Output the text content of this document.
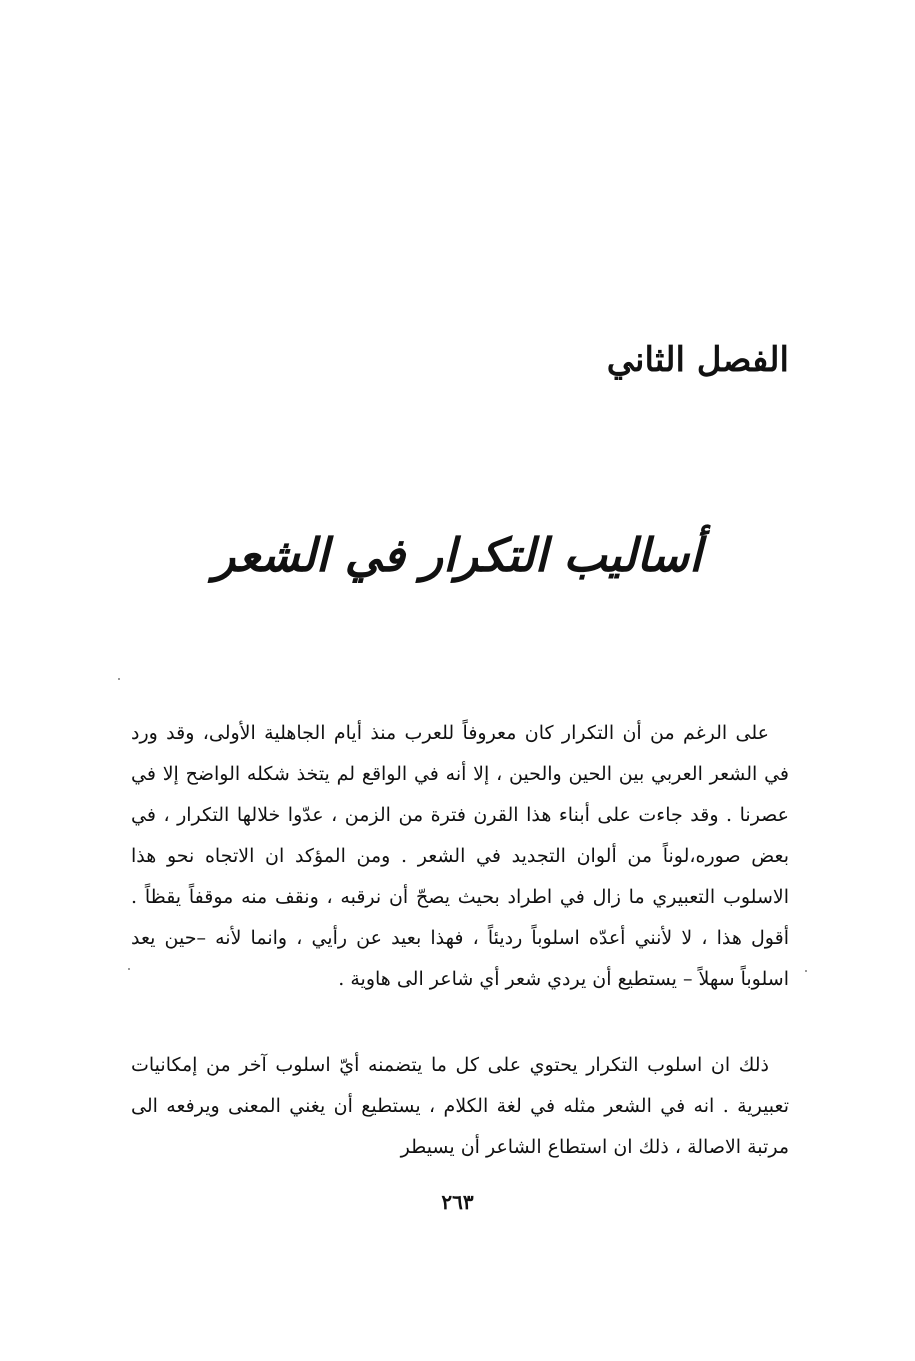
الفصل الثاني
أساليب التكرار في الشعر
على الرغم من أن التكرار كان معروفاً للعرب منذ أيام الجاهلية الأولى، وقد ورد في الشعر العربي بين الحين والحين ، إلا أنه في الواقع لم يتخذ شكله الواضح إلا في عصرنا . وقد جاءت على أبناء هذا القرن فترة من الزمن ، عدّوا خلالها التكرار ، في بعض صوره،لوناً من ألوان التجديد في الشعر . ومن المؤكد ان الاتجاه نحو هذا الاسلوب التعبيري ما زال في اطراد بحيث يصحّ أن نرقبه ، ونقف منه موقفاً يقظاً . أقول هذا ، لا لأنني أعدّه اسلوباً رديئاً ، فهذا بعيد عن رأيي ، وانما لأنه –حين يعد اسلوباً سهلاً – يستطيع أن يردي شعر أي شاعر الى هاوية .
ذلك ان اسلوب التكرار يحتوي على كل ما يتضمنه أيّ اسلوب آخر من إمكانيات تعبيرية . انه في الشعر مثله في لغة الكلام ، يستطيع أن يغني المعنى ويرفعه الى مرتبة الاصالة ، ذلك ان استطاع الشاعر أن يسيطر
٢٦٣
